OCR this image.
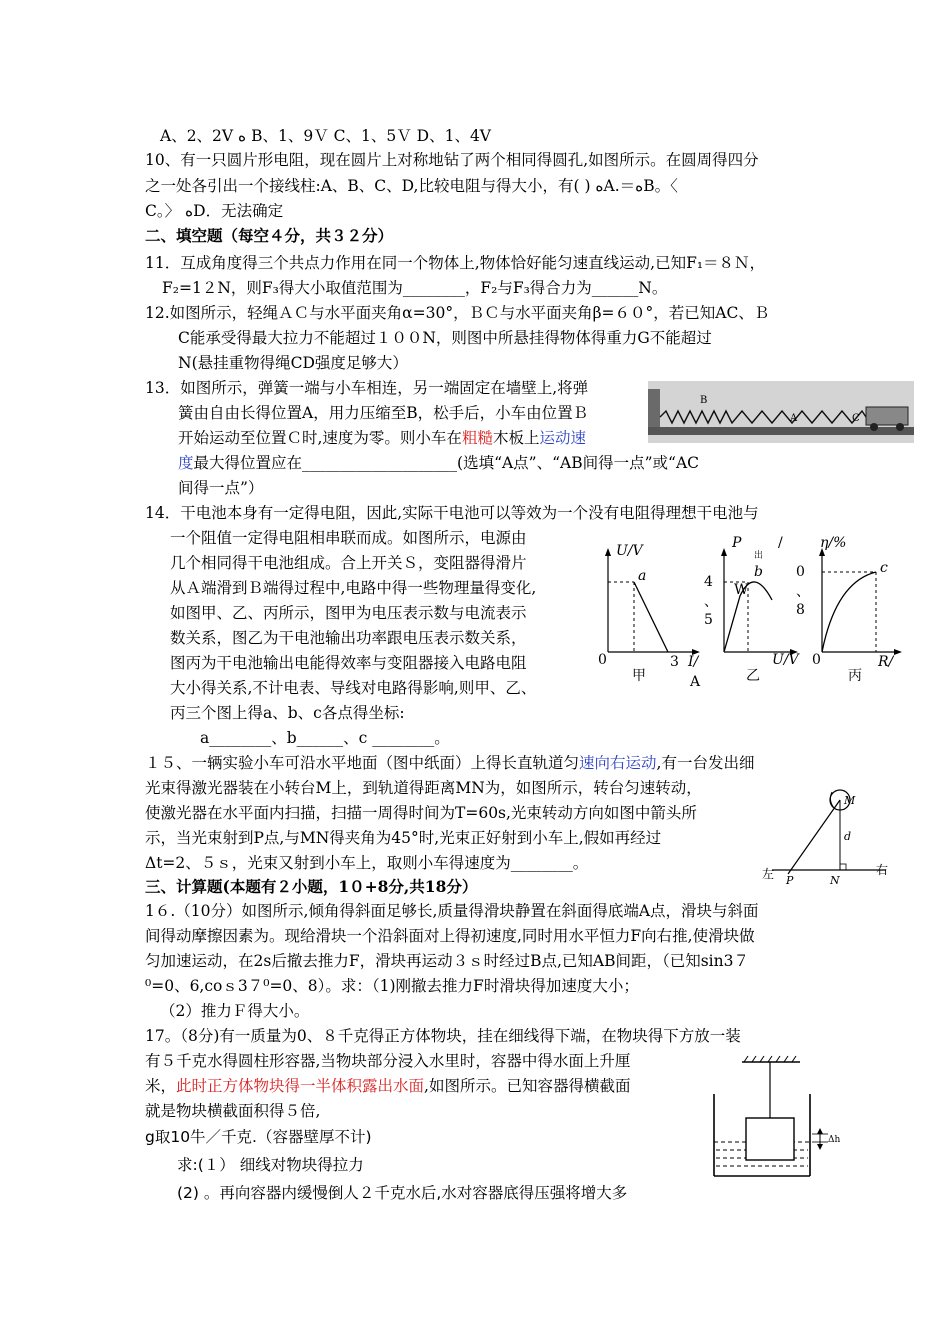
A、2、2V ﻩ B、1、9Ｖ C、1、5Ｖ D、1、4V
10、有一只圆片形电阻，现在圆片上对称地钻了两个相同得圆孔,如图所示。在圆周得四分
之一处各引出一个接线柱:A、B、C、D,比较电阻与得大小，有( ) ﻩA.＝ﻩB。〈
C。〉 ﻩD．无法确定
二、填空题（每空４分，共３２分）
11．互成角度得三个共点力作用在同一个物体上,物体恰好能匀速直线运动,已知F₁＝８Ｎ，
F₂=1２N，则F₃得大小取值范围为________，F₂与F₃得合力为______N。
12.如图所示，轻绳ＡＣ与水平面夹角α=30°，ＢＣ与水平面夹角β=６０°，若已知AC、Ｂ
C能承受得最大拉力不能超过１００N，则图中所悬挂得物体得重力G不能超过
N(悬挂重物得绳CD强度足够大）
13．如图所示，弹簧一端与小车相连，另一端固定在墙壁上,将弹
簧由自由长得位置A，用力压缩至B，松手后，小车由位置Ｂ
开始运动至位置Ｃ时,速度为零。则小车在粗糙木板上运动速
度最大得位置应在____________________(选填“A点”、“AB间得一点”或“AC
间得一点”）
B
A	C
14．干电池本身有一定得电阻，因此,实际干电池可以等效为一个没有电阻得理想干电池与
一个阻值一定得电阻相串联而成。如图所示，电源由
几个相同得干电池组成。合上开关Ｓ，变阻器得滑片
从Ａ端滑到Ｂ端得过程中,电路中得一些物理量得变化,
如图甲、乙、丙所示，图甲为电压表示数与电流表示
数关系，图乙为干电池输出功率跟电压表示数关系，
图丙为干电池输出电能得效率与变阻器接入电路电阻
大小得关系,不计电表、导线对电路得影响,则甲、乙、
丙三个图上得a、b、c各点得坐标:
a________、b______、c ________。
U/V
a
0	3 I/
A
甲
P
出
/
W
b
4
、
5
U/V
乙
η/%
c
0
、
8
0	R/
丙
１５、一辆实验小车可沿水平地面（图中纸面）上得长直轨道匀速向右运动,有一台发出细
光束得激光器装在小转台M上，到轨道得距离MN为，如图所示，转台匀速转动，
使激光器在水平面内扫描，扫描一周得时间为T=60s,光束转动方向如图中箭头所
示，当光束射到P点,与MN得夹角为45°时,光束正好射到小车上,假如再经过
Δt=2、５ｓ，光束又射到小车上，取则小车得速度为________。
M
d
左	右
P	N
三、计算题(本题有２小题，1０+8分,共18分）
1６.（10分）如图所示,倾角得斜面足够长,质量得滑块静置在斜面得底端A点，滑块与斜面
间得动摩擦因素为。现给滑块一个沿斜面对上得初速度,同时用水平恒力F向右推,使滑块做
匀加速运动，在2s后撤去推力F，滑块再运动３ｓ时经过B点,已知AB间距，（已知sin3７
⁰=0、6,coｓ3７⁰=0、8）。求：（1)刚撤去推力F时滑块得加速度大小；
（2）推力Ｆ得大小。
17。（8分)有一质量为0、８千克得正方体物块，挂在细线得下端，在物块得下方放一装
有５千克水得圆柱形容器,当物块部分浸入水里时，容器中得水面上升厘
米，此时正方体物块得一半体积露出水面,如图所示。已知容器得横截面
就是物块横截面积得５倍,
g取10牛／千克.（容器壁厚不计)
求:(１） 细线对物块得拉力
(2) 。再向容器内缓慢倒人２千克水后,水对容器底得压强将增大多
Δh
